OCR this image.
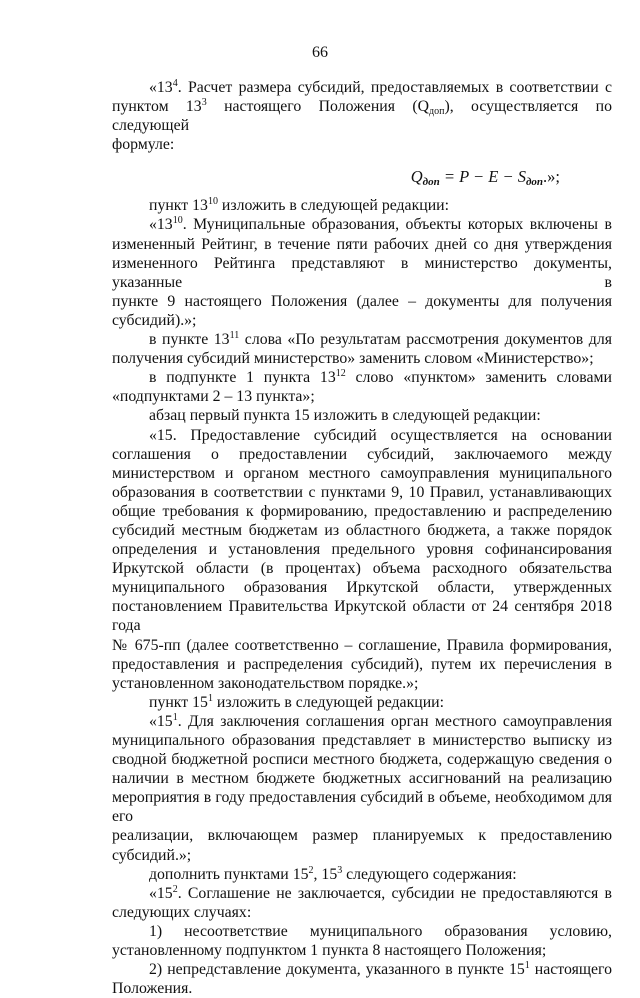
66
«$13^4$. Расчет размера субсидий, предоставляемых в соответствии с
пунктом $13^3$ настоящего Положения (Qдоп), осуществляется по следующей
формуле:
$Q_{доп} = P - E - S_{доп}$.»;
пункт $13^{10}$ изложить в следующей редакции:
«$13^{10}$. Муниципальные образования, объекты которых включены в
измененный Рейтинг, в течение пяти рабочих дней со дня утверждения
измененного Рейтинга представляют в министерство документы, указанные в
пункте 9 настоящего Положения (далее – документы для получения
субсидий).»;
в пункте $13^{11}$ слова «По результатам рассмотрения документов для
получения субсидий министерство» заменить словом «Министерство»;
в подпункте 1 пункта $13^{12}$ слово «пунктом» заменить словами
«подпунктами 2 – 13 пункта»;
абзац первый пункта 15 изложить в следующей редакции:
«15. Предоставление субсидий осуществляется на основании
соглашения о предоставлении субсидий, заключаемого между
министерством и органом местного самоуправления муниципального
образования в соответствии с пунктами 9, 10 Правил, устанавливающих
общие требования к формированию, предоставлению и распределению
субсидий местным бюджетам из областного бюджета, а также порядок
определения и установления предельного уровня софинансирования
Иркутской области (в процентах) объема расходного обязательства
муниципального образования Иркутской области, утвержденных
постановлением Правительства Иркутской области от 24 сентября 2018 года
№ 675-пп (далее соответственно – соглашение, Правила формирования,
предоставления и распределения субсидий), путем их перечисления в
установленном законодательством порядке.»;
пункт $15^1$ изложить в следующей редакции:
«$15^1$. Для заключения соглашения орган местного самоуправления
муниципального образования представляет в министерство выписку из
сводной бюджетной росписи местного бюджета, содержащую сведения о
наличии в местном бюджете бюджетных ассигнований на реализацию
мероприятия в году предоставления субсидий в объеме, необходимом для его
реализации, включающем размер планируемых к предоставлению
субсидий.»;
дополнить пунктами $15^2$, $15^3$ следующего содержания:
«$15^2$. Соглашение не заключается, субсидии не предоставляются в
следующих случаях:
1) несоответствие муниципального образования условию,
установленному подпунктом 1 пункта 8 настоящего Положения;
2) непредставление документа, указанного в пункте $15^1$ настоящего
Положения.
